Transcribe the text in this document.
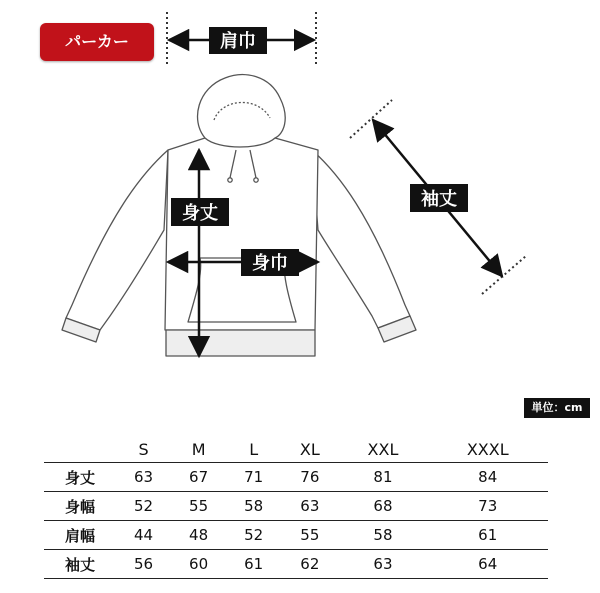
パーカー	肩巾
身丈
身巾
袖丈
単位：cm
	S	M	L	XL	XXL	XXXL
身丈	63	67	71	76	81	84
身幅	52	55	58	63	68	73
肩幅	44	48	52	55	58	61
袖丈	56	60	61	62	63	64
